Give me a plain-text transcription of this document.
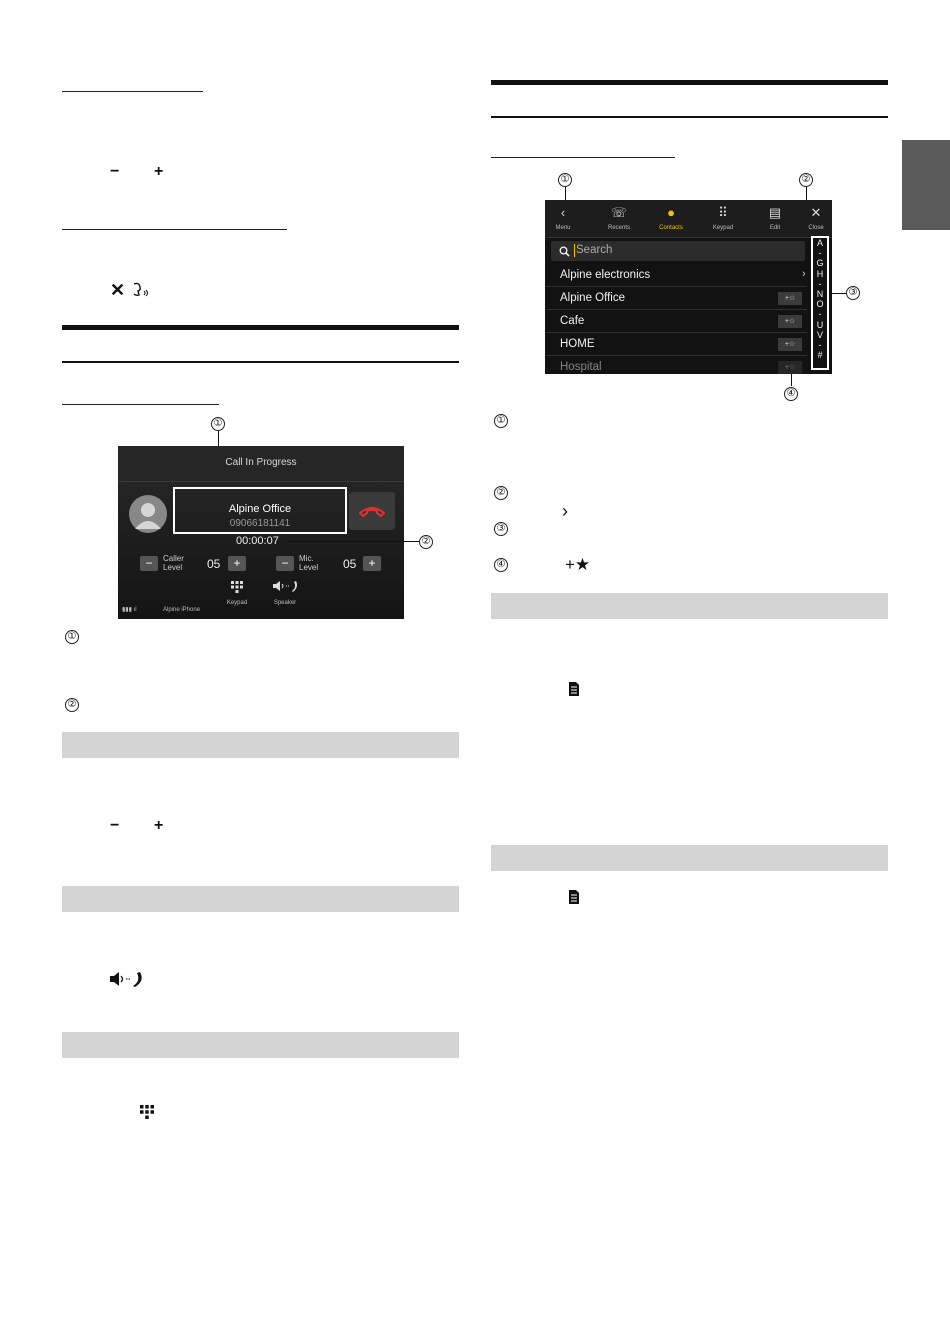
− +
✕
①
Call In Progress
Alpine Office
09066181141
00:00:07
−	Caller
Level 05	+	−	Mic.
Level 05	+
Keypad	Speaker
▮▮▮ ıl	Alpine iPhone
②
①
②
− +
①	②
③
④
‹
Menu
☏
Recents
●
Contacts
⠿
Keypad
▤
Edit
✕
Close
Search
Alpine electronics	›
Alpine Office	+☆
Cafe	+☆
HOME	+☆
Hospital	+☆
A
-
G
H
-
N
O
-
U
V
-
#
①
②
›
③
④	+★
